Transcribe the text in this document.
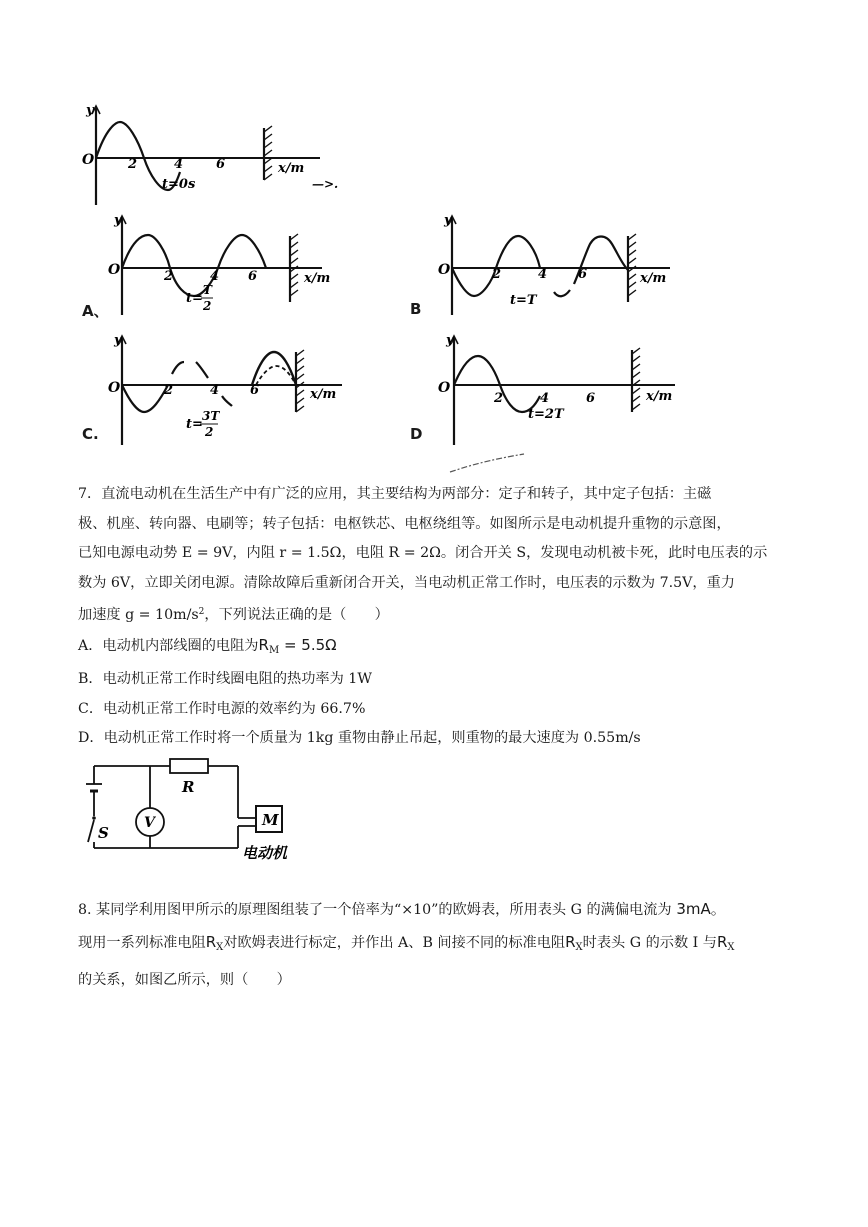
y
O	2	4	6	x/m
t=0s	—>.
y
O	2	4 6	x/m
t=
T
2
A、
y
O	2	4 6	x/m
t=T
B
y
O	2	4 6	x/m
t=
3T
2
C.
y
O
2	4	6	x/m
t=2T
D

7．直流电动机在生活生产中有广泛的应用，其主要结构为两部分：定子和转子，其中定子包括：主磁

极、机座、转向器、电刷等；转子包括：电枢铁芯、电枢绕组等。如图所示是电动机提升重物的示意图，

已知电源电动势 E = 9V，内阻 r = 1.5Ω，电阻 R = 2Ω。闭合开关 S，发现电动机被卡死，此时电压表的示

数为 6V，立即关闭电源。清除故障后重新闭合开关，当电动机正常工作时，电压表的示数为 7.5V，重力

加速度 $g = 10m/s^2$，下列说法正确的是（　　）

A．电动机内部线圈的电阻为$R_M = 5.5\Omega$

B．电动机正常工作时线圈电阻的热功率为 1W

C．电动机正常工作时电源的效率约为 66.7%

D．电动机正常工作时将一个质量为 1kg 重物由静止吊起，则重物的最大速度为 0.55m/s

R
S
V	M
电动机

8. 某同学利用图甲所示的原理图组装了一个倍率为“×10”的欧姆表，所用表头 G 的满偏电流为 3mA。

现用一系列标准电阻$R_X$对欧姆表进行标定，并作出 A、B 间接不同的标准电阻$R_X$时表头 G 的示数 I 与$R_X$

的关系，如图乙所示，则（　　）
